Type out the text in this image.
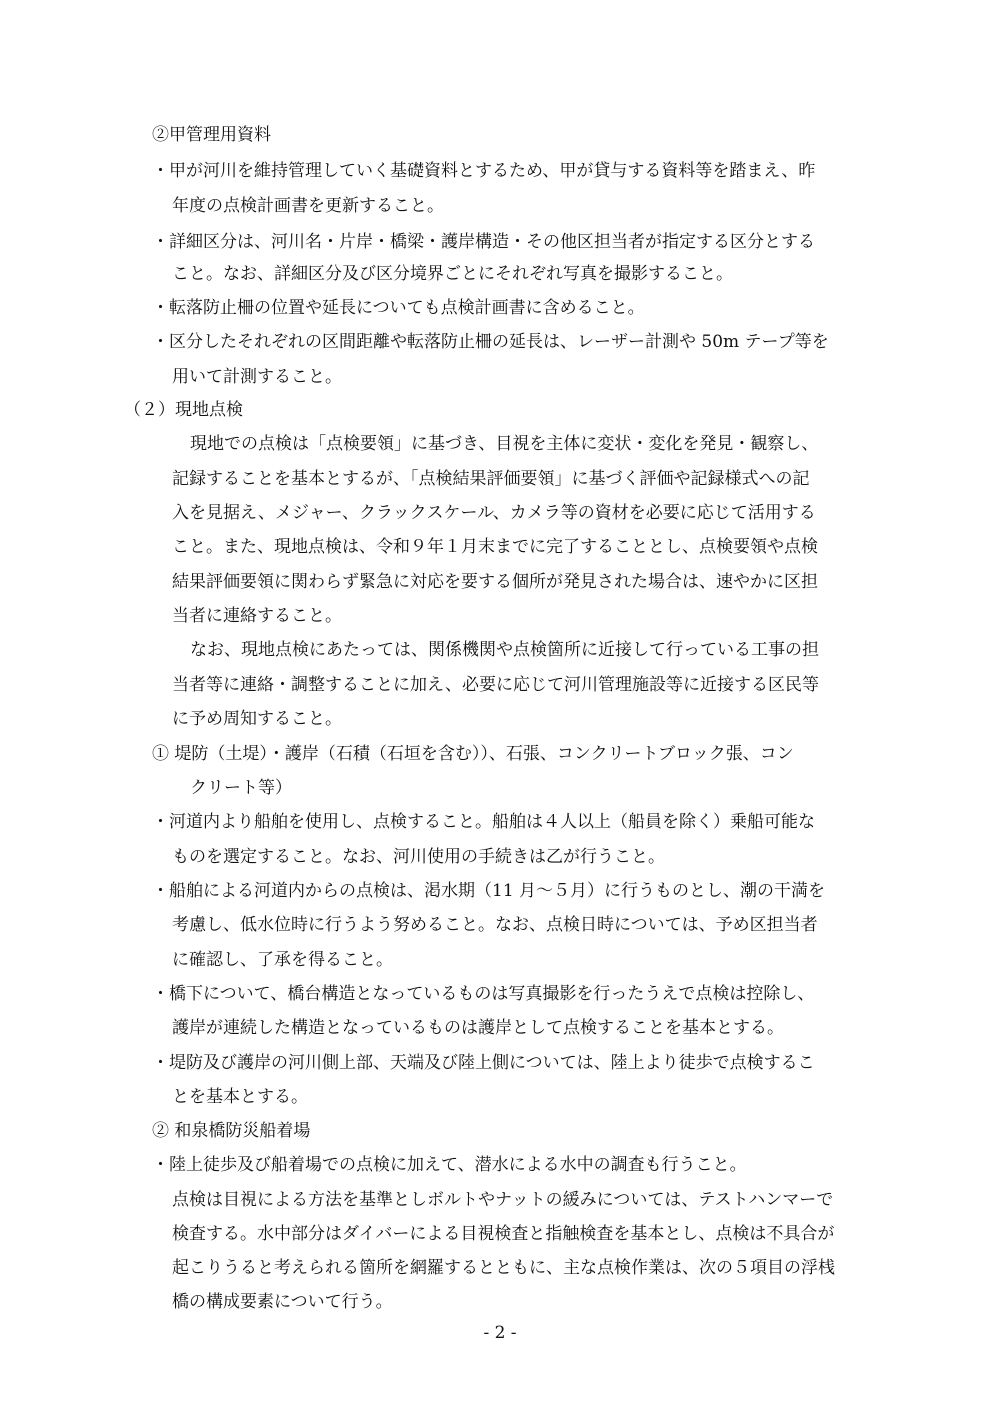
②甲管理用資料
・甲が河川を維持管理していく基礎資料とするため、甲が貸与する資料等を踏まえ、昨
年度の点検計画書を更新すること。
・詳細区分は、河川名・片岸・橋梁・護岸構造・その他区担当者が指定する区分とする
こと。なお、詳細区分及び区分境界ごとにそれぞれ写真を撮影すること。
・転落防止柵の位置や延長についても点検計画書に含めること。
・区分したそれぞれの区間距離や転落防止柵の延長は、レーザー計測や 50m テープ等を
用いて計測すること。
（２）現地点検
現地での点検は「点検要領」に基づき、目視を主体に変状・変化を発見・観察し、
記録することを基本とするが、「点検結果評価要領」に基づく評価や記録様式への記
入を見据え、メジャー、クラックスケール、カメラ等の資材を必要に応じて活用する
こと。また、現地点検は、令和９年１月末までに完了することとし、点検要領や点検
結果評価要領に関わらず緊急に対応を要する個所が発見された場合は、速やかに区担
当者に連絡すること。
なお、現地点検にあたっては、関係機関や点検箇所に近接して行っている工事の担
当者等に連絡・調整することに加え、必要に応じて河川管理施設等に近接する区民等
に予め周知すること。
① 堤防（土堤）・護岸（石積（石垣を含む））、石張、コンクリートブロック張、コン
クリート等）
・河道内より船舶を使用し、点検すること。船舶は４人以上（船員を除く）乗船可能な
ものを選定すること。なお、河川使用の手続きは乙が行うこと。
・船舶による河道内からの点検は、渇水期（11 月～５月）に行うものとし、潮の干満を
考慮し、低水位時に行うよう努めること。なお、点検日時については、予め区担当者
に確認し、了承を得ること。
・橋下について、橋台構造となっているものは写真撮影を行ったうえで点検は控除し、
護岸が連続した構造となっているものは護岸として点検することを基本とする。
・堤防及び護岸の河川側上部、天端及び陸上側については、陸上より徒歩で点検するこ
とを基本とする。
② 和泉橋防災船着場
・陸上徒歩及び船着場での点検に加えて、潜水による水中の調査も行うこと。
点検は目視による方法を基準としボルトやナットの緩みについては、テストハンマーで
検査する。水中部分はダイバーによる目視検査と指触検査を基本とし、点検は不具合が
起こりうると考えられる箇所を網羅するとともに、主な点検作業は、次の５項目の浮桟
橋の構成要素について行う。
- 2 -
